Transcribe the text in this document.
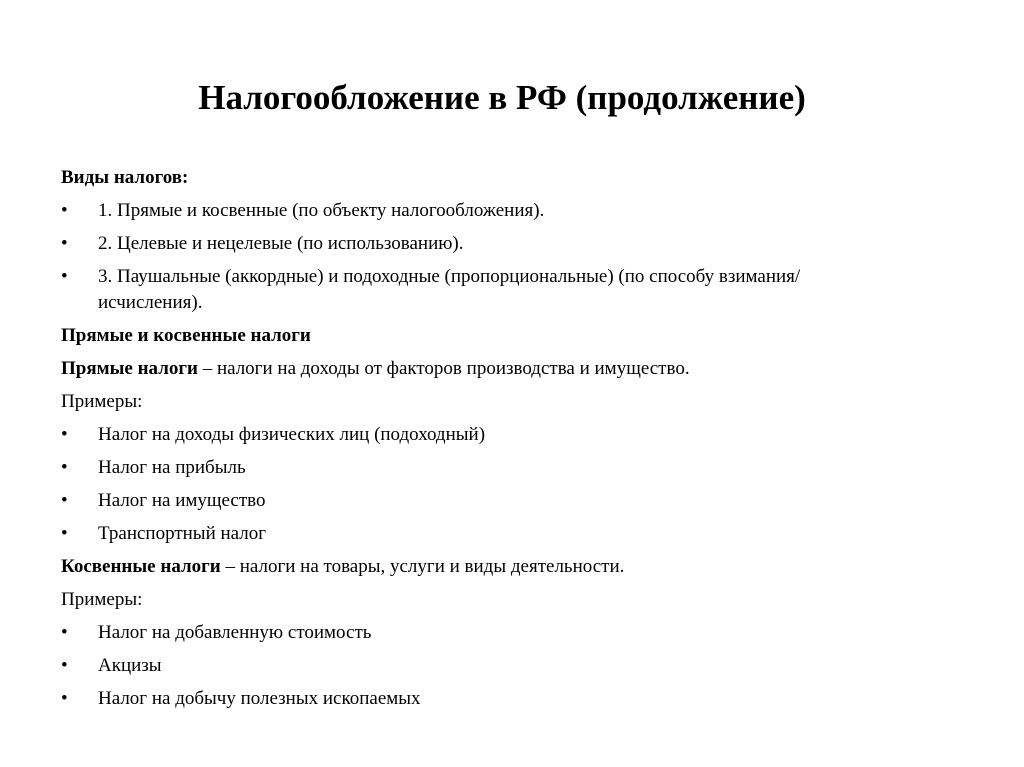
Налогообложение в РФ (продолжение)
Виды налогов:
•	1. Прямые и косвенные (по объекту налогообложения).
•	2. Целевые и нецелевые (по использованию).
•	3. Паушальные (аккордные) и подоходные (пропорциональные) (по способу взимания/исчисления).
Прямые и косвенные налоги
Прямые налоги – налоги на доходы от факторов производства и имущество.
Примеры:
•	Налог на доходы физических лиц (подоходный)
•	Налог на прибыль
•	Налог на имущество
•	Транспортный налог
Косвенные налоги – налоги на товары, услуги и виды деятельности.
Примеры:
•	Налог на добавленную стоимость
•	Акцизы
•	Налог на добычу полезных ископаемых
